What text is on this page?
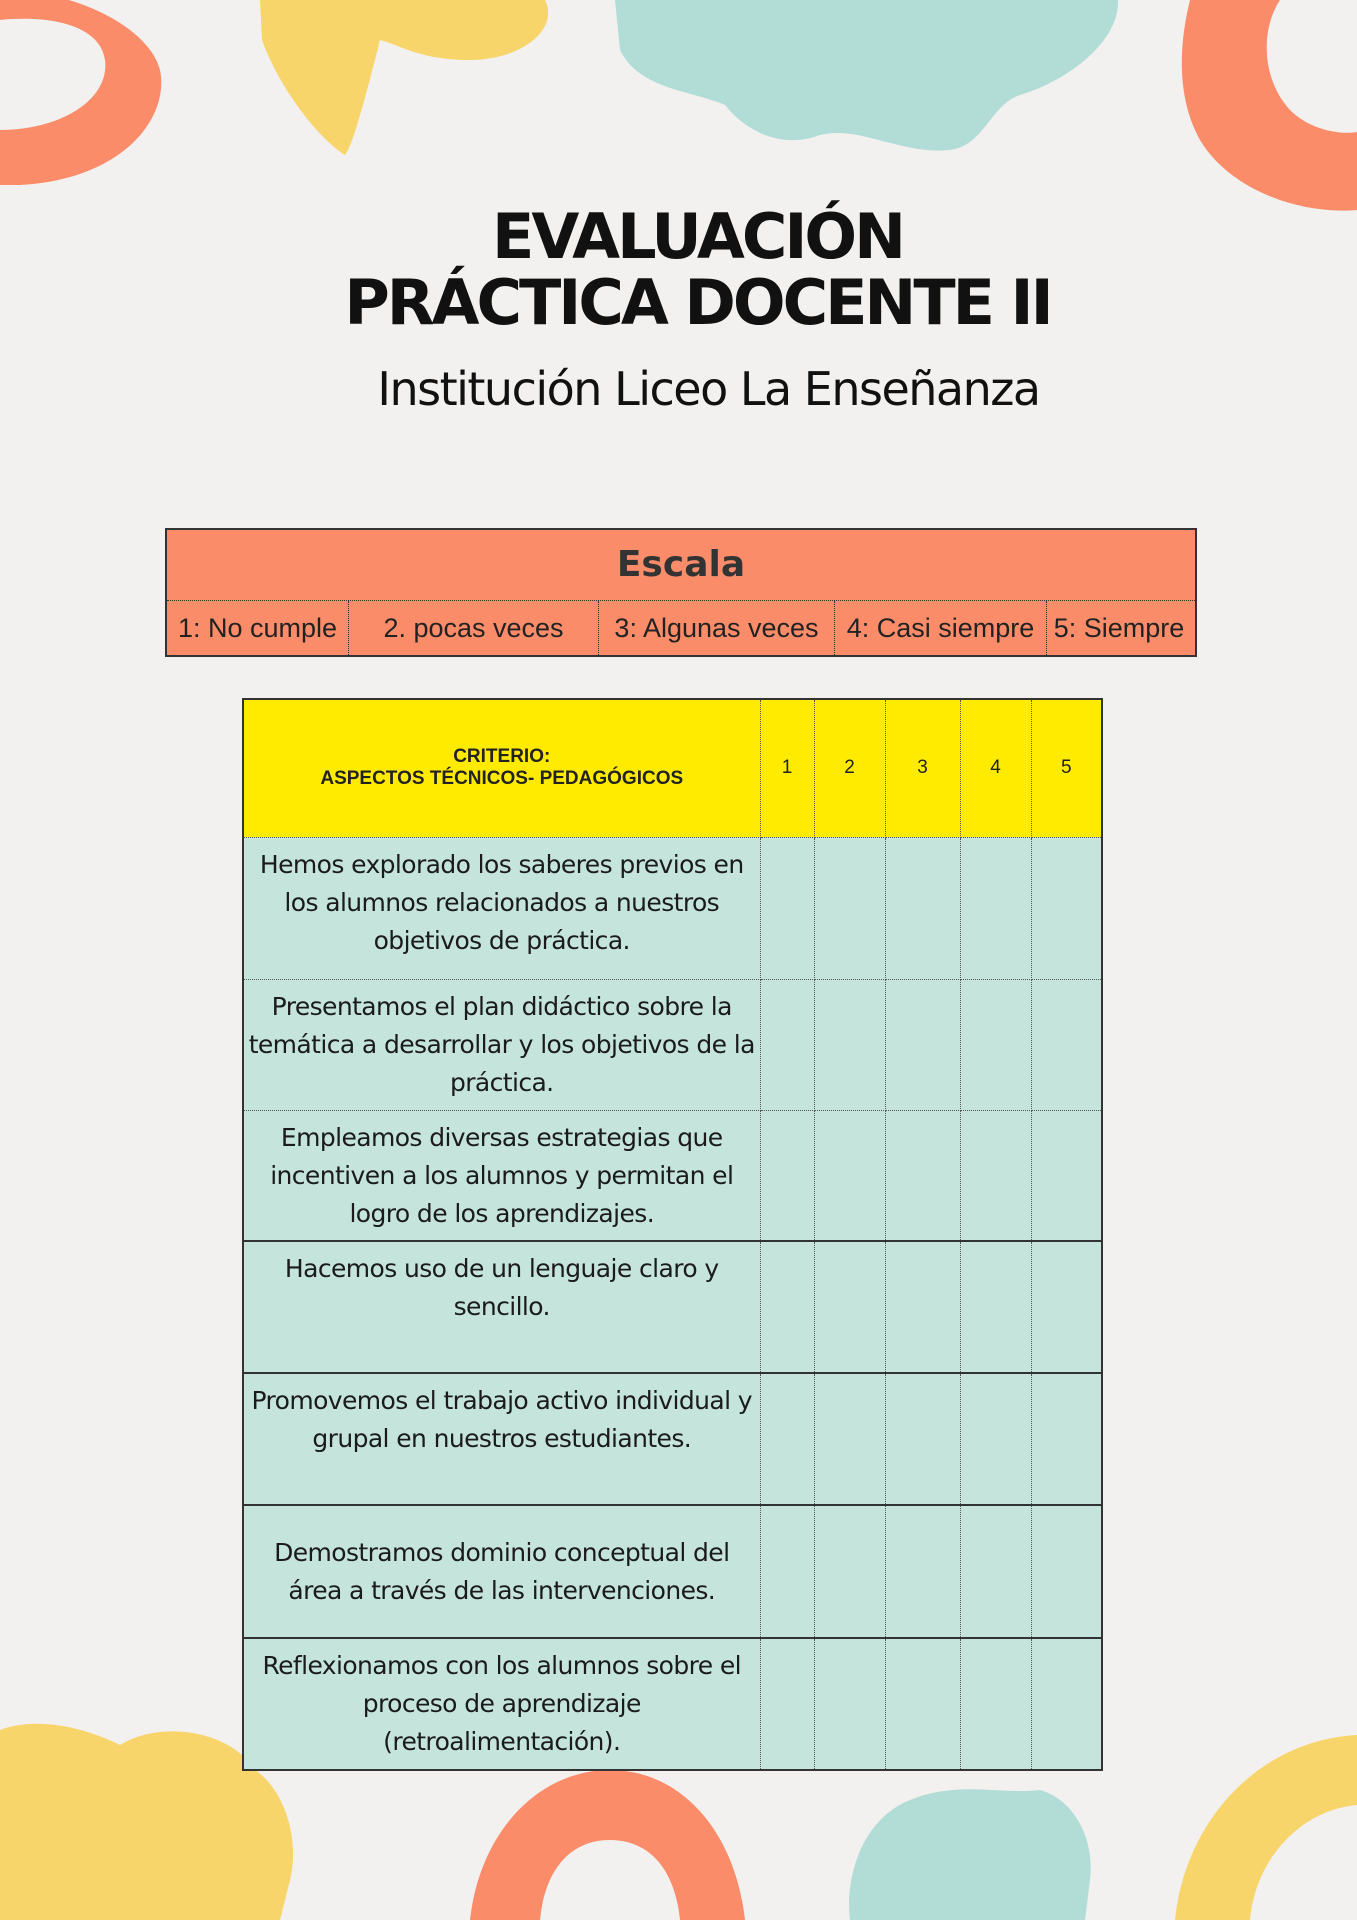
EVALUACIÓN
PRÁCTICA DOCENTE II
Institución Liceo La Enseñanza
Escala
1: No cumple	2. pocas veces	3: Algunas veces	4: Casi siempre 5: Siempre
CRITERIO:
ASPECTOS TÉCNICOS- PEDAGÓGICOS	1	2	3	4	5
Hemos explorado los saberes previos en los alumnos relacionados a nuestros objetivos de práctica.					
Presentamos el plan didáctico sobre la temática a desarrollar y los objetivos de la práctica.					
Empleamos diversas estrategias que incentiven a los alumnos y permitan el logro de los aprendizajes.					
Hacemos uso de un lenguaje claro y sencillo.					
Promovemos el trabajo activo individual y grupal en nuestros estudiantes.					
Demostramos dominio conceptual del área a través de las intervenciones.					
Reflexionamos con los alumnos sobre el proceso de aprendizaje (retroalimentación).					
